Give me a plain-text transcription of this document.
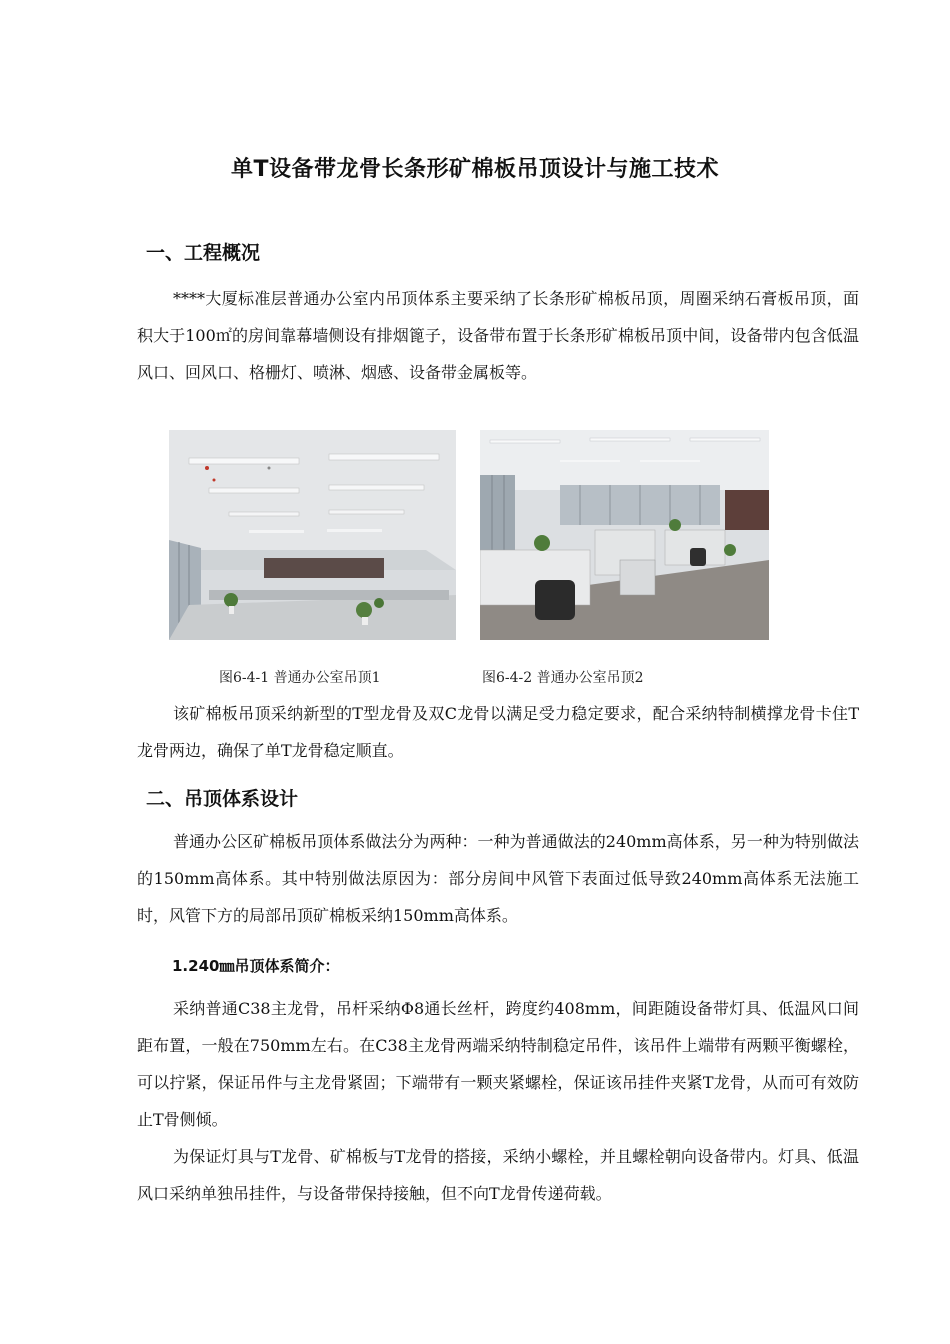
单T设备带龙骨长条形矿棉板吊顶设计与施工技术
一、工程概况

****大厦标准层普通办公室内吊顶体系主要采纳了长条形矿棉板吊顶，周圈采纳石膏板吊顶，面积大于100㎡的房间靠幕墙侧设有排烟篦子，设备带布置于长条形矿棉板吊顶中间，设备带内包含低温风口、回风口、格栅灯、喷淋、烟感、设备带金属板等。

图6-4-1 普通办公室吊顶1	图6-4-2 普通办公室吊顶2

该矿棉板吊顶采纳新型的T型龙骨及双C龙骨以满足受力稳定要求，配合采纳特制横撑龙骨卡住T龙骨两边，确保了单T龙骨稳定顺直。

二、吊顶体系设计

普通办公区矿棉板吊顶体系做法分为两种：一种为普通做法的240mm高体系，另一种为特别做法的150mm高体系。其中特别做法原因为：部分房间中风管下表面过低导致240mm高体系无法施工时，风管下方的局部吊顶矿棉板采纳150mm高体系。

1.240㎜吊顶体系简介：

采纳普通C38主龙骨，吊杆采纳Φ8通长丝杆，跨度约408mm，间距随设备带灯具、低温风口间距布置，一般在750mm左右。在C38主龙骨两端采纳特制稳定吊件，该吊件上端带有两颗平衡螺栓，可以拧紧，保证吊件与主龙骨紧固；下端带有一颗夹紧螺栓，保证该吊挂件夹紧T龙骨，从而可有效防止T骨侧倾。

为保证灯具与T龙骨、矿棉板与T龙骨的搭接，采纳小螺栓，并且螺栓朝向设备带内。灯具、低温风口采纳单独吊挂件，与设备带保持接触，但不向T龙骨传递荷载。
